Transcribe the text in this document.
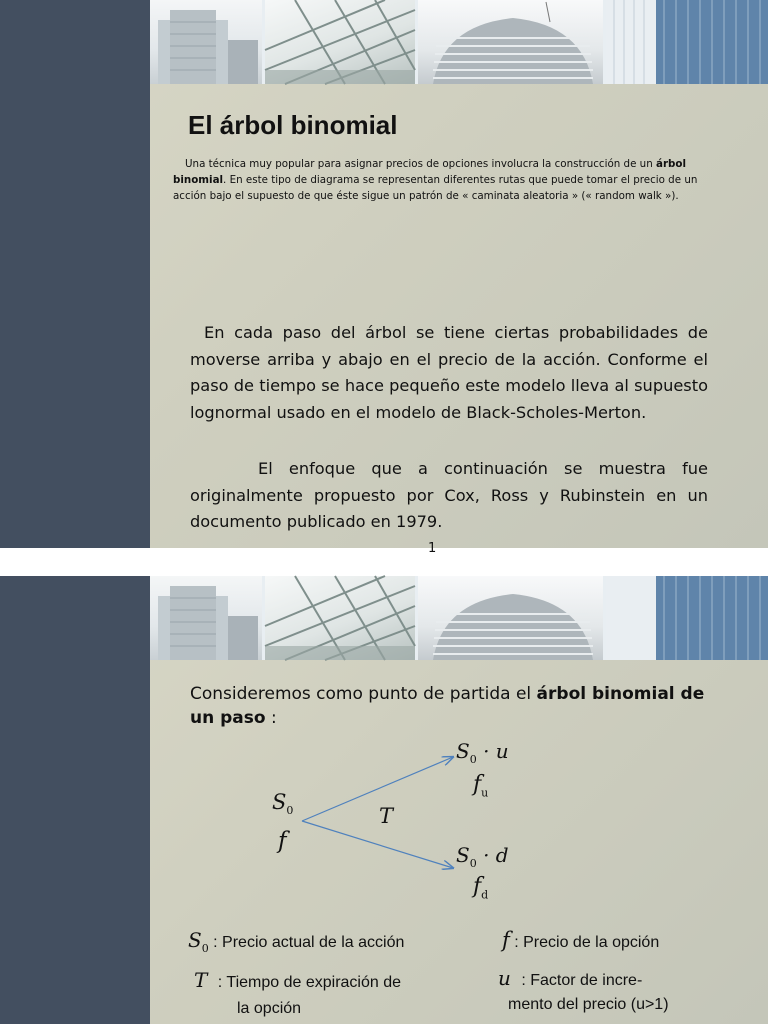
El árbol binomial
Una técnica muy popular para asignar precios de opciones involucra la construcción de un árbol binomial. En este tipo de diagrama se representan diferentes rutas que puede tomar el precio de un acción bajo el supuesto de que éste sigue un patrón de « caminata aleatoria » (« random walk »).
En cada paso del árbol se tiene ciertas probabilidades de moverse arriba y abajo en el precio de la acción. Conforme el paso de tiempo se hace pequeño este modelo lleva al supuesto lognormal usado en el modelo de Black-Scholes-Merton.
El enfoque que a continuación se muestra fue originalmente propuesto por Cox, Ross y Rubinstein en un documento publicado en 1979.
1
Consideremos como punto de partida el árbol binomial de un paso :
$S_0$
f
T
$S_0 \cdot u$
$f_u$
$S_0 \cdot d$
$f_d$
$S_0$ : Precio actual de la acción	f : Precio de la opción
T : Tiempo de expiración de
la opción
u : Factor de incre-
mento del precio (u>1)
